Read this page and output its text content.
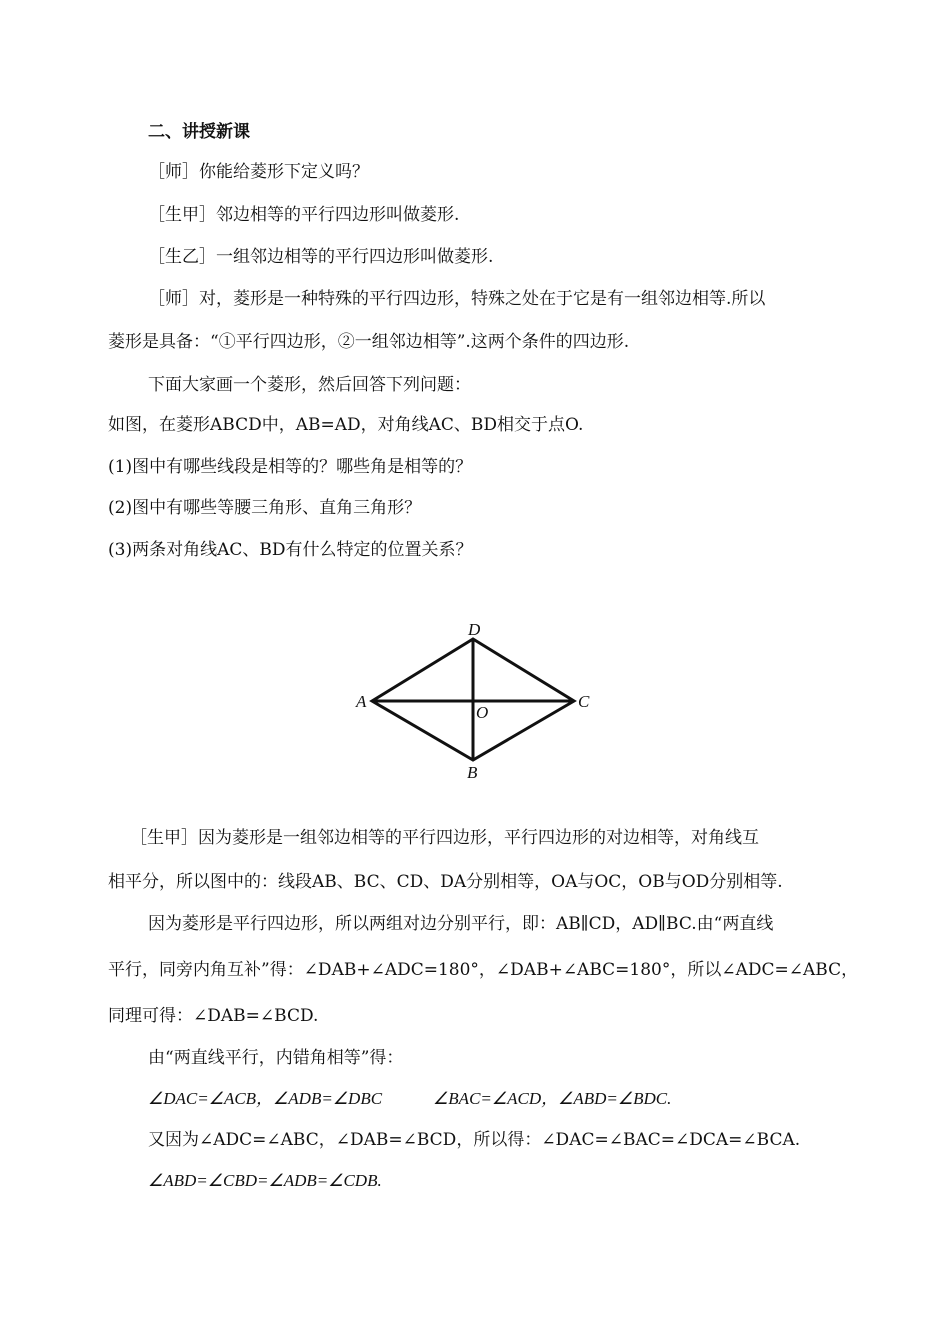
二、讲授新课
［师］你能给菱形下定义吗？
［生甲］邻边相等的平行四边形叫做菱形.
［生乙］一组邻边相等的平行四边形叫做菱形.
［师］对，菱形是一种特殊的平行四边形，特殊之处在于它是有一组邻边相等.所以
菱形是具备：“①平行四边形，②一组邻边相等”.这两个条件的四边形.
下面大家画一个菱形，然后回答下列问题：
如图，在菱形ABCD中，AB=AD，对角线AC、BD相交于点O.
(1)图中有哪些线段是相等的？哪些角是相等的？
(2)图中有哪些等腰三角形、直角三角形？
(3)两条对角线AC、BD有什么特定的位置关系？
D
A	C
B
O
［生甲］因为菱形是一组邻边相等的平行四边形，平行四边形的对边相等，对角线互
相平分，所以图中的：线段AB、BC、CD、DA分别相等，OA与OC，OB与OD分别相等.
因为菱形是平行四边形，所以两组对边分别平行，即：AB∥CD，AD∥BC.由“两直线
平行，同旁内角互补”得：∠DAB+∠ADC=180°，∠DAB+∠ABC=180°，所以∠ADC=∠ABC，
同理可得：∠DAB=∠BCD.
由“两直线平行，内错角相等”得：
∠DAC=∠ACB，∠ADB=∠DBC　　　∠BAC=∠ACD，∠ABD=∠BDC.
又因为∠ADC=∠ABC，∠DAB=∠BCD，所以得：∠DAC=∠BAC=∠DCA=∠BCA.
∠ABD=∠CBD=∠ADB=∠CDB.
